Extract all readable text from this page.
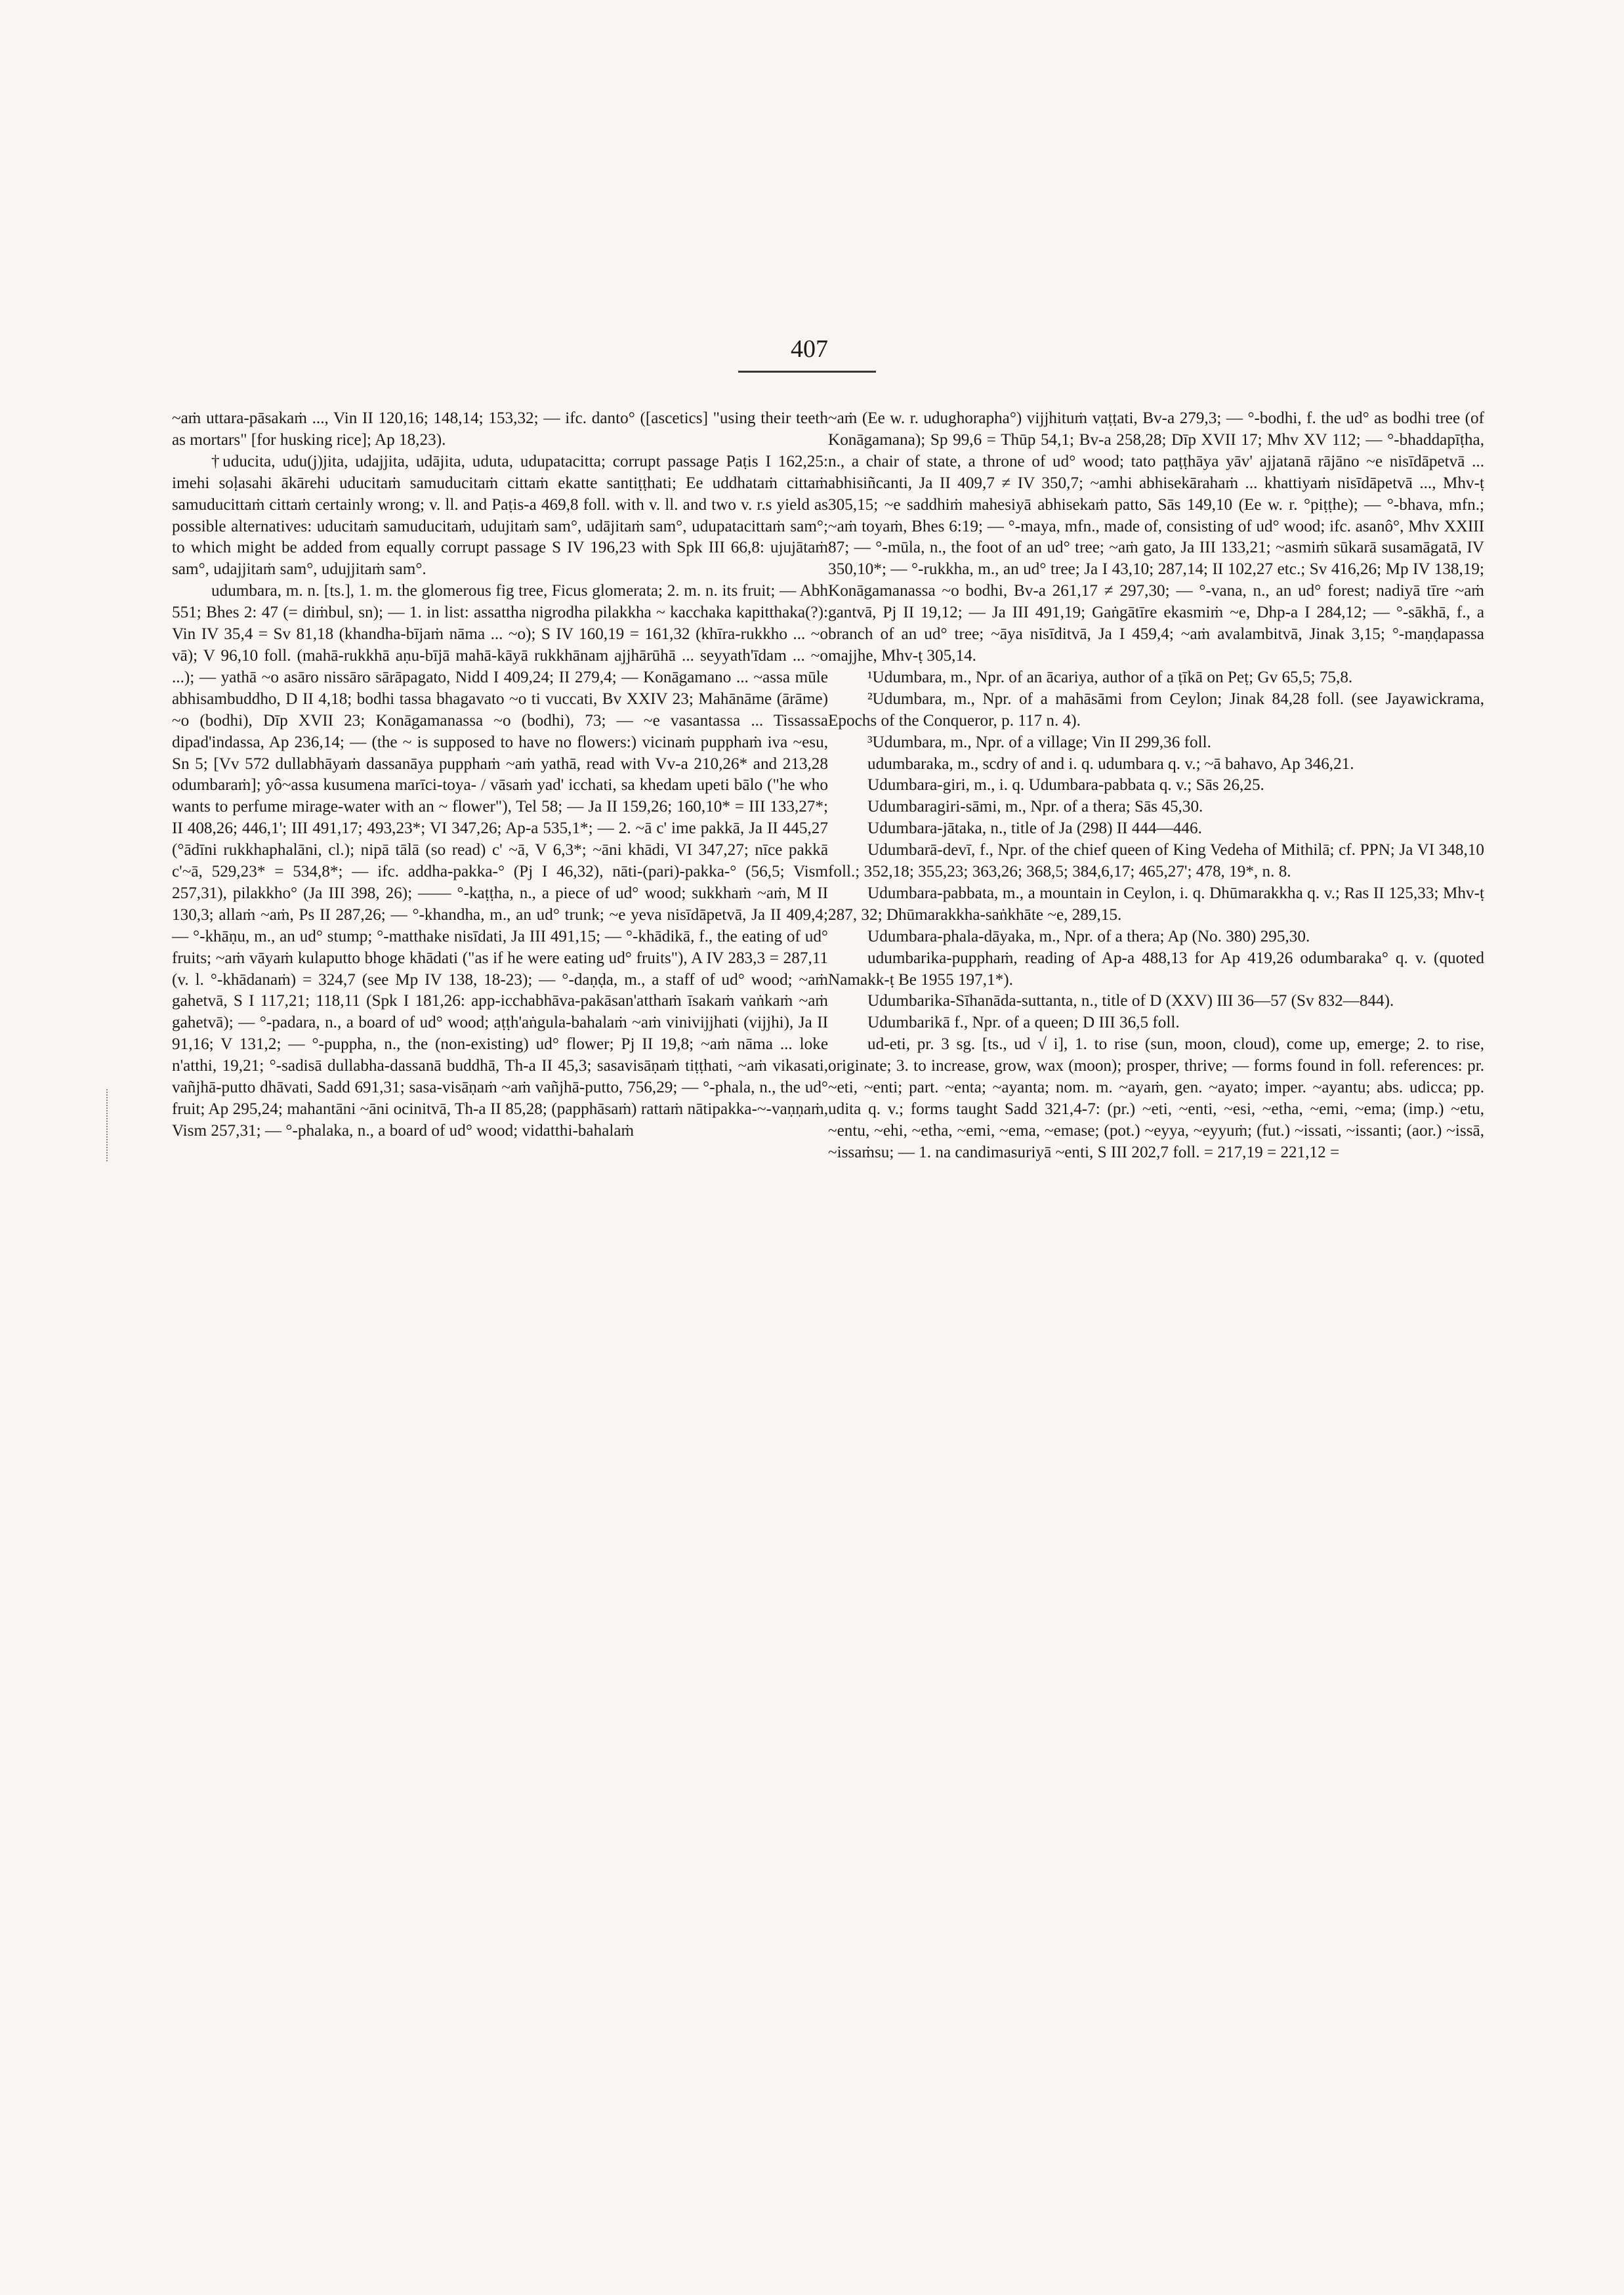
407

~aṁ uttara-pāsakaṁ ..., Vin II 120,16; 148,14; 153,32; — ifc. danto° ([ascetics] "using their teeth as mortars" [for husking rice]; Ap 18,23).

†uducita, udu(j)jita, udajjita, udājita, uduta, udupatacitta; corrupt passage Paṭis I 162,25: imehi soḷasahi ākārehi uducitaṁ samuducitaṁ cittaṁ ekatte santiṭṭhati; Ee uddhataṁ cittaṁ samuducittaṁ cittaṁ certainly wrong; v. ll. and Paṭis-a 469,8 foll. with v. ll. and two v. r.s yield as possible alternatives: uducitaṁ samuducitaṁ, udujitaṁ sam°, udājitaṁ sam°, udupatacittaṁ sam°; to which might be added from equally corrupt passage S IV 196,23 with Spk III 66,8: ujujātaṁ sam°, udajjitaṁ sam°, udujjitaṁ sam°.

udumbara, m. n. [ts.], 1. m. the glomerous fig tree, Ficus glomerata; 2. m. n. its fruit; — Abh 551; Bhes 2: 47 (= diṁbul, sn); — 1. in list: assattha nigrodha pilakkha ~ kacchaka kapitthaka(?): Vin IV 35,4 = Sv 81,18 (khandha-bījaṁ nāma ... ~o); S IV 160,19 = 161,32 (khīra-rukkho ... ~o vā); V 96,10 foll. (mahā-rukkhā aṇu-bījā mahā-kāyā rukkhānam ajjhārūhā ... seyyath'īdam ... ~o ...); — yathā ~o asāro nissāro sārāpagato, Nidd I 409,24; II 279,4; — Konāgamano ... ~assa mūle abhisambuddho, D II 4,18; bodhi tassa bhagavato ~o ti vuccati, Bv XXIV 23; Mahānāme (ārāme) ~o (bodhi), Dīp XVII 23; Konāgamanassa ~o (bodhi), 73; — ~e vasantassa ... Tissassa dipad'indassa, Ap 236,14; — (the ~ is supposed to have no flowers:) vicinaṁ pupphaṁ iva ~esu, Sn 5; [Vv 572 dullabhāyaṁ dassanāya pupphaṁ ~aṁ yathā, read with Vv-a 210,26* and 213,28 odumbaraṁ]; yô~assa kusumena marīci-toya- / vāsaṁ yad' icchati, sa khedam upeti bālo ("he who wants to perfume mirage-water with an ~ flower"), Tel 58; — Ja II 159,26; 160,10* = III 133,27*; II 408,26; 446,1'; III 491,17; 493,23*; VI 347,26; Ap-a 535,1*; — 2. ~ā c' ime pakkā, Ja II 445,27 (°ādīni rukkhaphalāni, cl.); nipā tālā (so read) c' ~ā, V 6,3*; ~āni khādi, VI 347,27; nīce pakkā c'~ā, 529,23* = 534,8*; — ifc. addha-pakka-° (Pj I 46,32), nāti-(pari)-pakka-° (56,5; Vism 257,31), pilakkho° (Ja III 398, 26); —— °-kaṭṭha, n., a piece of ud° wood; sukkhaṁ ~aṁ, M II 130,3; allaṁ ~aṁ, Ps II 287,26; — °-khandha, m., an ud° trunk; ~e yeva nisīdāpetvā, Ja II 409,4; — °-khāṇu, m., an ud° stump; °-matthake nisīdati, Ja III 491,15; — °-khādikā, f., the eating of ud° fruits; ~aṁ vāyaṁ kulaputto bhoge khādati ("as if he were eating ud° fruits"), A IV 283,3 = 287,11 (v. l. °-khādanaṁ) = 324,7 (see Mp IV 138, 18-23); — °-daṇḍa, m., a staff of ud° wood; ~aṁ gahetvā, S I 117,21; 118,11 (Spk I 181,26: app-icchabhāva-pakāsan'atthaṁ īsakaṁ vaṅkaṁ ~aṁ gahetvā); — °-padara, n., a board of ud° wood; aṭṭh'aṅgula-bahalaṁ ~aṁ vinivijjhati (vijjhi), Ja II 91,16; V 131,2; — °-puppha, n., the (non-existing) ud° flower; Pj II 19,8; ~aṁ nāma ... loke n'atthi, 19,21; °-sadisā dullabha-dassanā buddhā, Th-a II 45,3; sasavisāṇaṁ tiṭṭhati, ~aṁ vikasati, vañjhā-putto dhāvati, Sadd 691,31; sasa-visāṇaṁ ~aṁ vañjhā-putto, 756,29; — °-phala, n., the ud° fruit; Ap 295,24; mahantāni ~āni ocinitvā, Th-a II 85,28; (papphāsaṁ) rattaṁ nātipakka-~-vaṇṇaṁ, Vism 257,31; — °-phalaka, n., a board of ud° wood; vidatthi-bahalaṁ

~aṁ (Ee w. r. udughorapha°) vijjhituṁ vaṭṭati, Bv-a 279,3; — °-bodhi, f. the ud° as bodhi tree (of Konāgamana); Sp 99,6 = Thūp 54,1; Bv-a 258,28; Dīp XVII 17; Mhv XV 112; — °-bhaddapīṭha, n., a chair of state, a throne of ud° wood; tato paṭṭhāya yāv' ajjatanā rājāno ~e nisīdāpetvā ... abhisiñcanti, Ja II 409,7 ≠ IV 350,7; ~amhi abhisekārahaṁ ... khattiyaṁ nisīdāpetvā ..., Mhv-ṭ 305,15; ~e saddhiṁ mahesiyā abhisekaṁ patto, Sās 149,10 (Ee w. r. °piṭṭhe); — °-bhava, mfn.; ~aṁ toyaṁ, Bhes 6:19; — °-maya, mfn., made of, consisting of ud° wood; ifc. asanô°, Mhv XXIII 87; — °-mūla, n., the foot of an ud° tree; ~aṁ gato, Ja III 133,21; ~asmiṁ sūkarā susamāgatā, IV 350,10*; — °-rukkha, m., an ud° tree; Ja I 43,10; 287,14; II 102,27 etc.; Sv 416,26; Mp IV 138,19; Konāgamanassa ~o bodhi, Bv-a 261,17 ≠ 297,30; — °-vana, n., an ud° forest; nadiyā tīre ~aṁ gantvā, Pj II 19,12; — Ja III 491,19; Gaṅgātīre ekasmiṁ ~e, Dhp-a I 284,12; — °-sākhā, f., a branch of an ud° tree; ~āya nisīditvā, Ja I 459,4; ~aṁ avalambitvā, Jinak 3,15; °-maṇḍapassa majjhe, Mhv-ṭ 305,14.

¹Udumbara, m., Npr. of an ācariya, author of a ṭīkā on Peṭ; Gv 65,5; 75,8.

²Udumbara, m., Npr. of a mahāsāmi from Ceylon; Jinak 84,28 foll. (see Jayawickrama, Epochs of the Conqueror, p. 117 n. 4).

³Udumbara, m., Npr. of a village; Vin II 299,36 foll.

udumbaraka, m., scdry of and i. q. udumbara q. v.; ~ā bahavo, Ap 346,21.

Udumbara-giri, m., i. q. Udumbara-pabbata q. v.; Sās 26,25.

Udumbaragiri-sāmi, m., Npr. of a thera; Sās 45,30.

Udumbara-jātaka, n., title of Ja (298) II 444—446.

Udumbarā-devī, f., Npr. of the chief queen of King Vedeha of Mithilā; cf. PPN; Ja VI 348,10 foll.; 352,18; 355,23; 363,26; 368,5; 384,6,17; 465,27'; 478, 19*, n. 8.

Udumbara-pabbata, m., a mountain in Ceylon, i. q. Dhūmarakkha q. v.; Ras II 125,33; Mhv-ṭ 287, 32; Dhūmarakkha-saṅkhāte ~e, 289,15.

Udumbara-phala-dāyaka, m., Npr. of a thera; Ap (No. 380) 295,30.

udumbarika-pupphaṁ, reading of Ap-a 488,13 for Ap 419,26 odumbaraka° q. v. (quoted Namakk-ṭ Be 1955 197,1*).

Udumbarika-Sīhanāda-suttanta, n., title of D (XXV) III 36—57 (Sv 832—844).

Udumbarikā f., Npr. of a queen; D III 36,5 foll.

ud-eti, pr. 3 sg. [ts., ud √ i], 1. to rise (sun, moon, cloud), come up, emerge; 2. to rise, originate; 3. to increase, grow, wax (moon); prosper, thrive; — forms found in foll. references: pr. ~eti, ~enti; part. ~enta; ~ayanta; nom. m. ~ayaṁ, gen. ~ayato; imper. ~ayantu; abs. udicca; pp. udita q. v.; forms taught Sadd 321,4-7: (pr.) ~eti, ~enti, ~esi, ~etha, ~emi, ~ema; (imp.) ~etu, ~entu, ~ehi, ~etha, ~emi, ~ema, ~emase; (pot.) ~eyya, ~eyyuṁ; (fut.) ~issati, ~issanti; (aor.) ~issā, ~issaṁsu; — 1. na candimasuriyā ~enti, S III 202,7 foll. = 217,19 = 221,12 =
